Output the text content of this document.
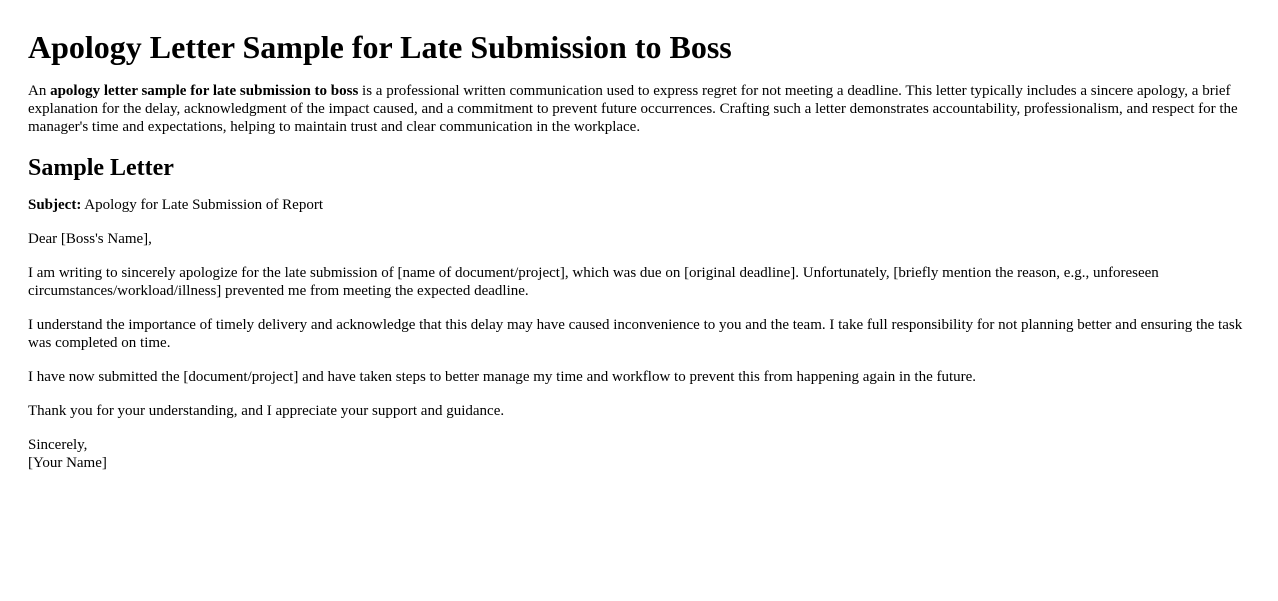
Apology Letter Sample for Late Submission to Boss

An apology letter sample for late submission to boss is a professional written communication used to express regret for not meeting a deadline. This letter typically includes a sincere apology, a brief explanation for the delay, acknowledgment of the impact caused, and a commitment to prevent future occurrences. Crafting such a letter demonstrates accountability, professionalism, and respect for the manager's time and expectations, helping to maintain trust and clear communication in the workplace.

Sample Letter

Subject: Apology for Late Submission of Report

Dear [Boss's Name],

I am writing to sincerely apologize for the late submission of [name of document/project], which was due on [original deadline]. Unfortunately, [briefly mention the reason, e.g., unforeseen circumstances/workload/illness] prevented me from meeting the expected deadline.

I understand the importance of timely delivery and acknowledge that this delay may have caused inconvenience to you and the team. I take full responsibility for not planning better and ensuring the task was completed on time.

I have now submitted the [document/project] and have taken steps to better manage my time and workflow to prevent this from happening again in the future.

Thank you for your understanding, and I appreciate your support and guidance.

Sincerely,

[Your Name]
